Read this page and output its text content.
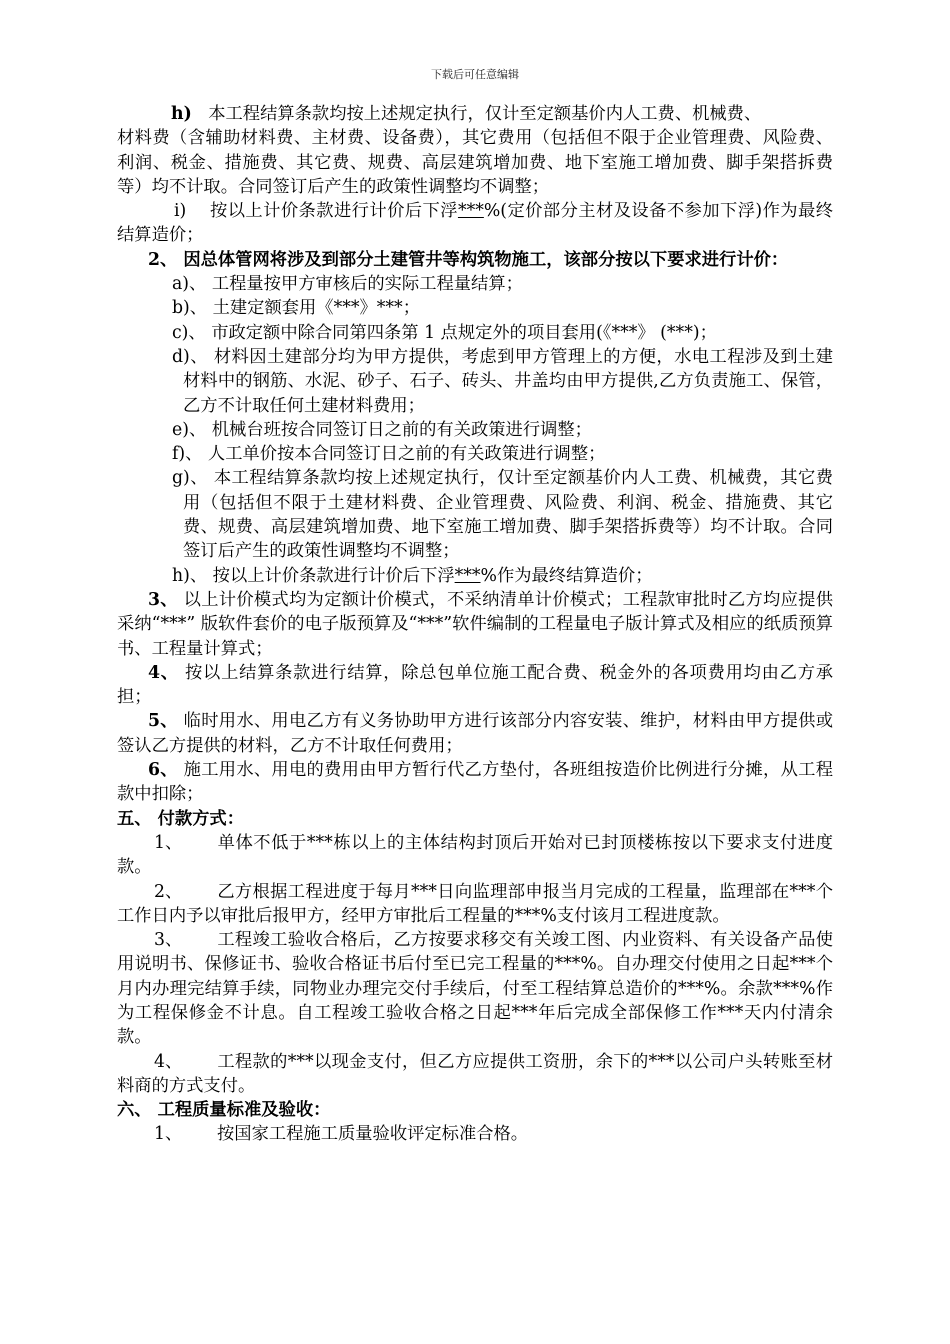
下载后可任意编辑

h) 本工程结算条款均按上述规定执行，仅计至定额基价内人工费、机械费、

材料费（含辅助材料费、主材费、设备费），其它费用（包括但不限于企业管理费、风险费、利润、税金、措施费、其它费、规费、高层建筑增加费、地下室施工增加费、脚手架搭拆费等）均不计取。合同签订后产生的政策性调整均不调整；

i) 按以上计价条款进行计价后下浮***%(定价部分主材及设备不参加下浮)作为最终结算造价；

2、 因总体管网将涉及到部分土建管井等构筑物施工，该部分按以下要求进行计价：

a)、 工程量按甲方审核后的实际工程量结算；

b)、 土建定额套用《***》***；

c)、 市政定额中除合同第四条第 1 点规定外的项目套用(《***》 (***)；

d)、 材料因土建部分均为甲方提供，考虑到甲方管理上的方便，水电工程涉及到土建材料中的钢筋、水泥、砂子、石子、砖头、井盖均由甲方提供,乙方负责施工、保管，乙方不计取任何土建材料费用；

e)、 机械台班按合同签订日之前的有关政策进行调整；

f)、 人工单价按本合同签订日之前的有关政策进行调整；

g)、 本工程结算条款均按上述规定执行，仅计至定额基价内人工费、机械费，其它费用（包括但不限于土建材料费、企业管理费、风险费、利润、税金、措施费、其它费、规费、高层建筑增加费、地下室施工增加费、脚手架搭拆费等）均不计取。合同签订后产生的政策性调整均不调整；

h)、 按以上计价条款进行计价后下浮***%作为最终结算造价；

3、 以上计价模式均为定额计价模式，不采纳清单计价模式；工程款审批时乙方均应提供采纳“***” 版软件套价的电子版预算及“***”软件编制的工程量电子版计算式及相应的纸质预算书、工程量计算式；

4、 按以上结算条款进行结算，除总包单位施工配合费、税金外的各项费用均由乙方承担；

5、 临时用水、用电乙方有义务协助甲方进行该部分内容安装、维护，材料由甲方提供或签认乙方提供的材料，乙方不计取任何费用；

6、 施工用水、用电的费用由甲方暂行代乙方垫付，各班组按造价比例进行分摊，从工程款中扣除；

五、 付款方式：

1、 单体不低于***栋以上的主体结构封顶后开始对已封顶楼栋按以下要求支付进度款。

2、 乙方根据工程进度于每月***日向监理部申报当月完成的工程量，监理部在***个工作日内予以审批后报甲方，经甲方审批后工程量的***%支付该月工程进度款。

3、 工程竣工验收合格后，乙方按要求移交有关竣工图、内业资料、有关设备产品使用说明书、保修证书、验收合格证书后付至已完工程量的***%。自办理交付使用之日起***个月内办理完结算手续，同物业办理完交付手续后，付至工程结算总造价的***%。余款***%作为工程保修金不计息。自工程竣工验收合格之日起***年后完成全部保修工作***天内付清余款。

4、 工程款的***以现金支付，但乙方应提供工资册，余下的***以公司户头转账至材料商的方式支付。

六、 工程质量标准及验收：

1、 按国家工程施工质量验收评定标准合格。
